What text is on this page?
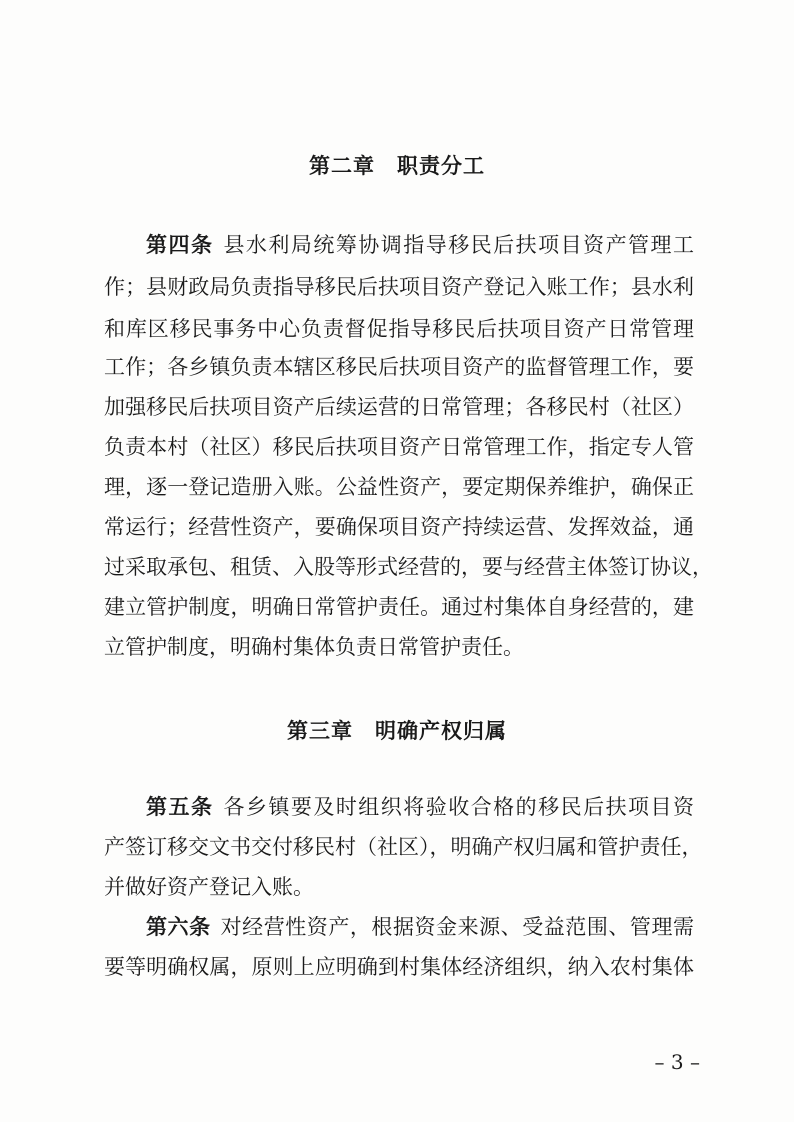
第二章　职责分工
第四条 县水利局统筹协调指导移民后扶项目资产管理工
作；县财政局负责指导移民后扶项目资产登记入账工作；县水利
和库区移民事务中心负责督促指导移民后扶项目资产日常管理
工作；各乡镇负责本辖区移民后扶项目资产的监督管理工作，要
加强移民后扶项目资产后续运营的日常管理；各移民村（社区）
负责本村（社区）移民后扶项目资产日常管理工作，指定专人管
理，逐一登记造册入账。公益性资产，要定期保养维护，确保正
常运行；经营性资产，要确保项目资产持续运营、发挥效益，通
过采取承包、租赁、入股等形式经营的，要与经营主体签订协议，
建立管护制度，明确日常管护责任。通过村集体自身经营的，建
立管护制度，明确村集体负责日常管护责任。
第三章　明确产权归属
第五条 各乡镇要及时组织将验收合格的移民后扶项目资
产签订移交文书交付移民村（社区），明确产权归属和管护责任，
并做好资产登记入账。
第六条 对经营性资产，根据资金来源、受益范围、管理需
要等明确权属，原则上应明确到村集体经济组织，纳入农村集体
– 3 –
